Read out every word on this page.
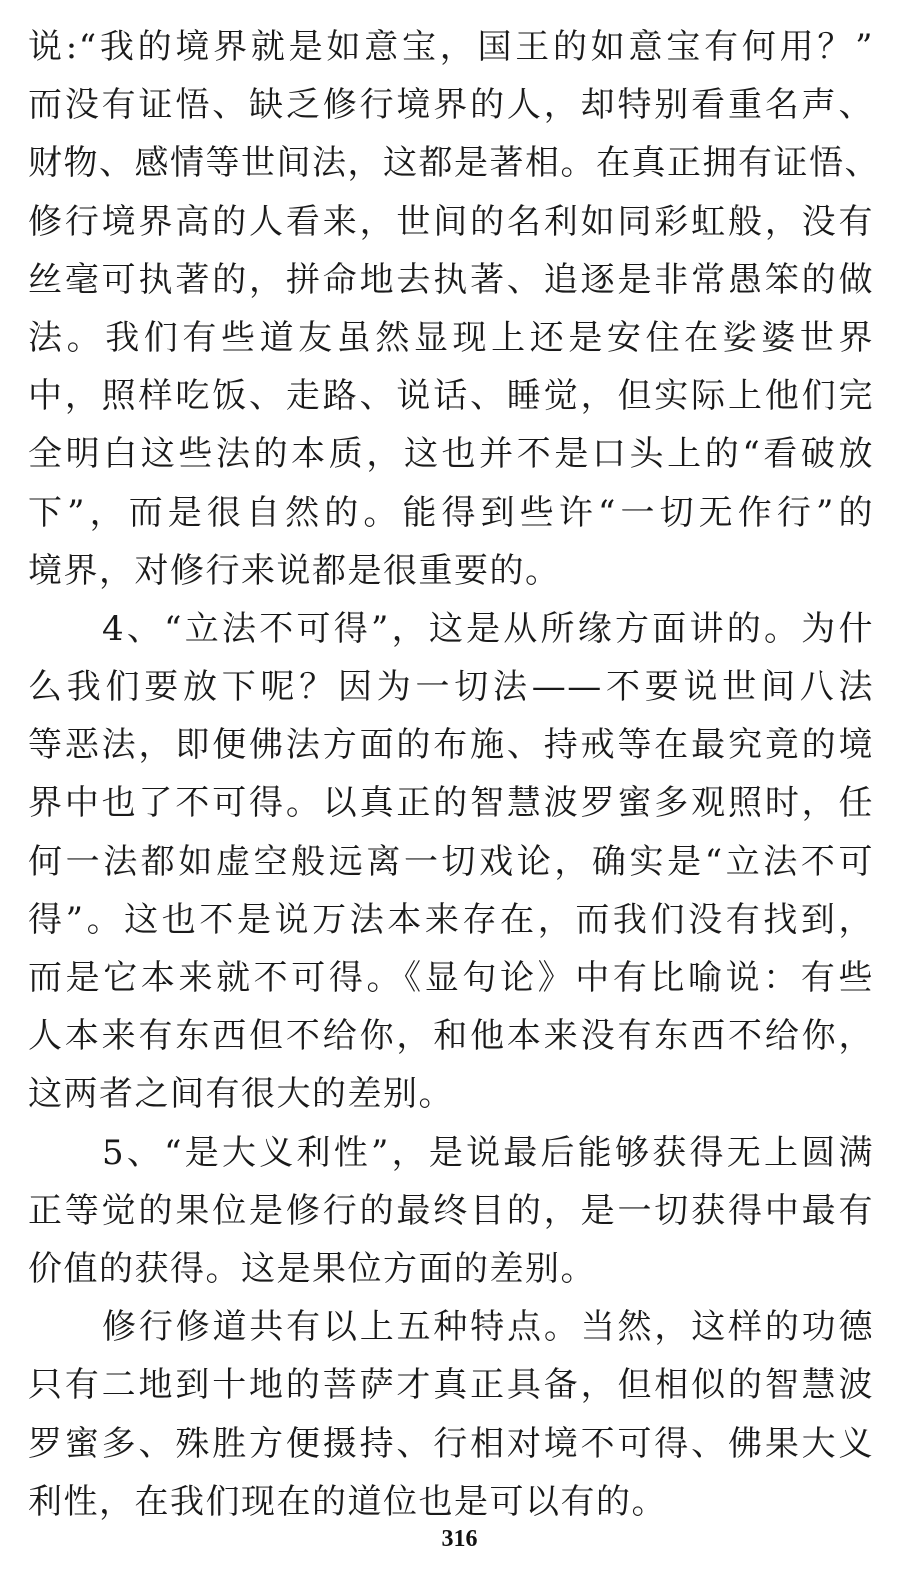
说:“我的境界就是如意宝，国王的如意宝有何用？”
而没有证悟、缺乏修行境界的人，却特别看重名声、
财物、感情等世间法，这都是著相。在真正拥有证悟、
修行境界高的人看来，世间的名利如同彩虹般，没有
丝毫可执著的，拼命地去执著、追逐是非常愚笨的做
法。我们有些道友虽然显现上还是安住在娑婆世界
中，照样吃饭、走路、说话、睡觉，但实际上他们完
全明白这些法的本质，这也并不是口头上的“看破放
下”，而是很自然的。能得到些许“一切无作行”的
境界，对修行来说都是很重要的。

4、“立法不可得”，这是从所缘方面讲的。为什
么我们要放下呢？因为一切法——不要说世间八法
等恶法，即便佛法方面的布施、持戒等在最究竟的境
界中也了不可得。以真正的智慧波罗蜜多观照时，任
何一法都如虚空般远离一切戏论，确实是“立法不可
得”。这也不是说万法本来存在，而我们没有找到，
而是它本来就不可得。《显句论》中有比喻说：有些
人本来有东西但不给你，和他本来没有东西不给你，
这两者之间有很大的差别。

5、“是大义利性”，是说最后能够获得无上圆满
正等觉的果位是修行的最终目的，是一切获得中最有
价值的获得。这是果位方面的差别。

修行修道共有以上五种特点。当然，这样的功德
只有二地到十地的菩萨才真正具备，但相似的智慧波
罗蜜多、殊胜方便摄持、行相对境不可得、佛果大义
利性，在我们现在的道位也是可以有的。

316
